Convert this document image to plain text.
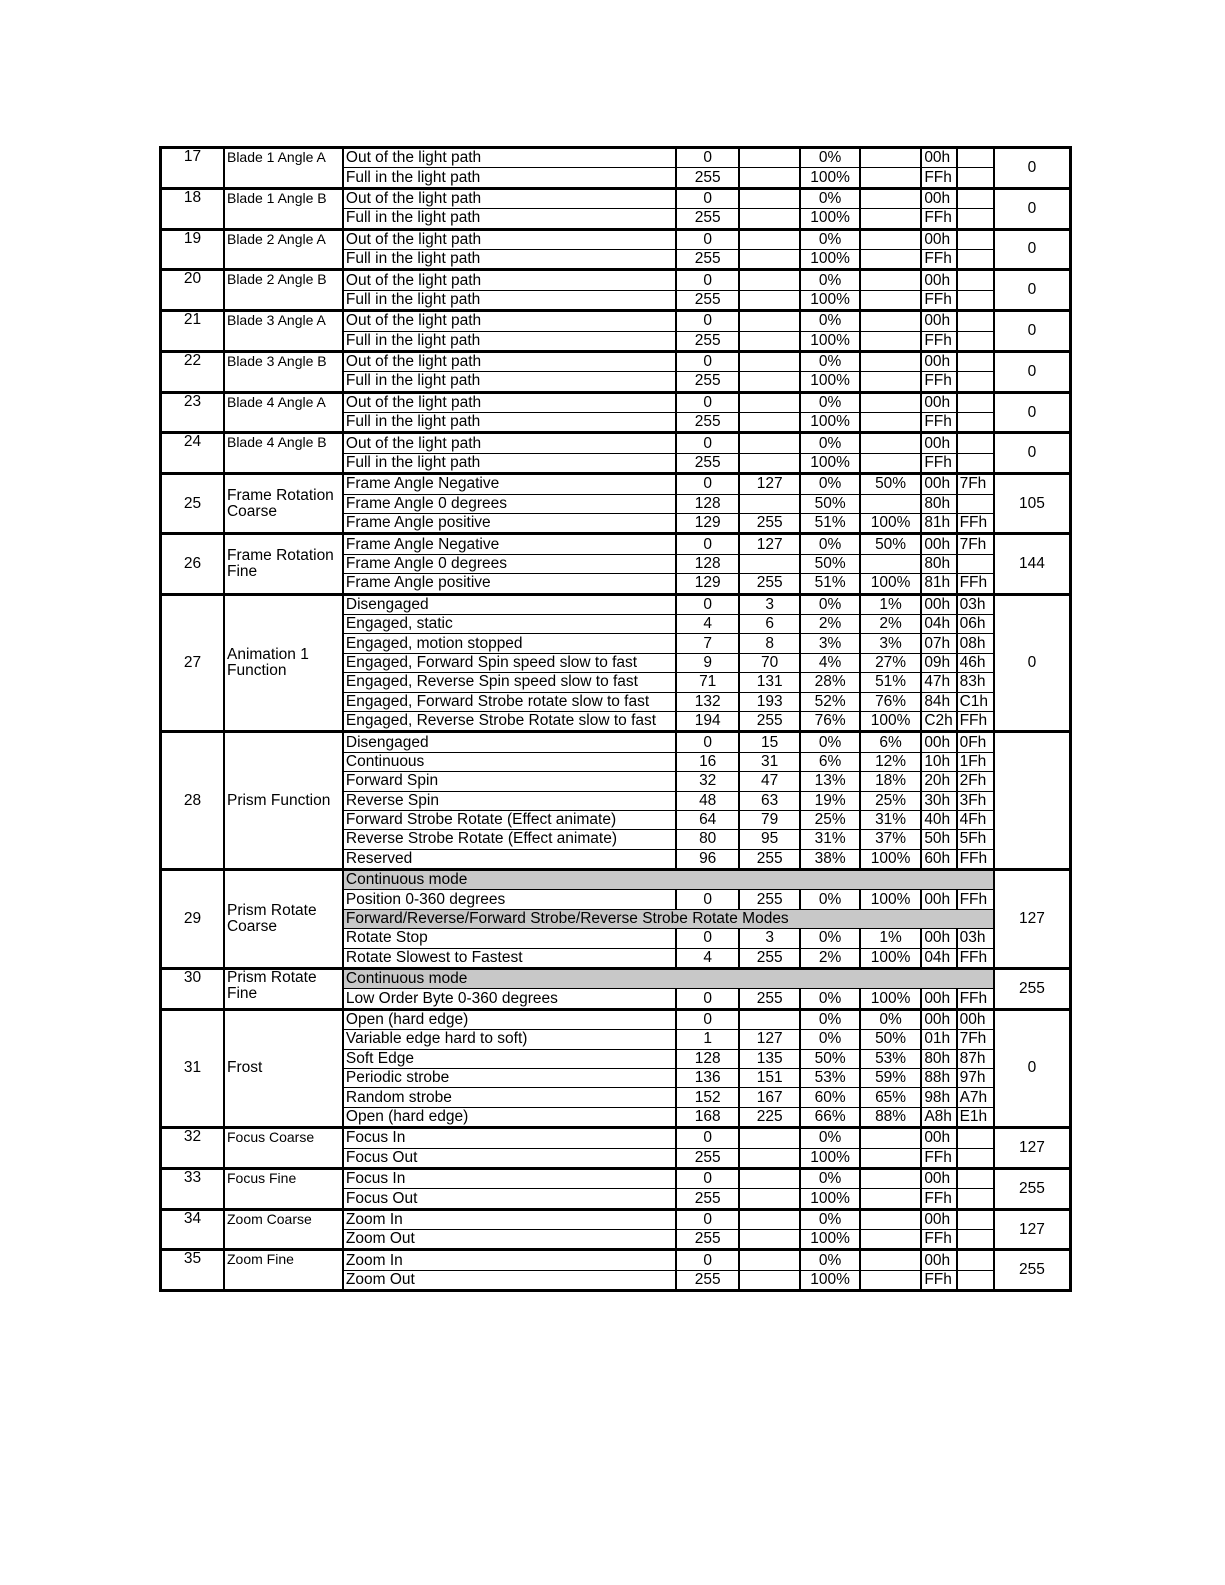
17	Blade 1 Angle A	Out of the light path	0		0%		00h		0
		Full in the light path	255		100%		FFh		
18	Blade 1 Angle B	Out of the light path	0		0%		00h		0
		Full in the light path	255		100%		FFh		
19	Blade 2 Angle A	Out of the light path	0		0%		00h		0
		Full in the light path	255		100%		FFh		
20	Blade 2 Angle B	Out of the light path	0		0%		00h		0
		Full in the light path	255		100%		FFh		
21	Blade 3 Angle A	Out of the light path	0		0%		00h		0
		Full in the light path	255		100%		FFh		
22	Blade 3 Angle B	Out of the light path	0		0%		00h		0
		Full in the light path	255		100%		FFh		
23	Blade 4 Angle A	Out of the light path	0		0%		00h		0
		Full in the light path	255		100%		FFh		
24	Blade 4 Angle B	Out of the light path	0		0%		00h		0
		Full in the light path	255		100%		FFh		
25	Frame Rotation Coarse	Frame Angle Negative	0	127	0%	50%	00h	7Fh	105
		Frame Angle 0 degrees	128		50%		80h		
		Frame Angle positive	129	255	51%	100%	81h	FFh	
26	Frame Rotation Fine	Frame Angle Negative	0	127	0%	50%	00h	7Fh	144
		Frame Angle 0 degrees	128		50%		80h		
		Frame Angle positive	129	255	51%	100%	81h	FFh	
27	Animation 1 Function	Disengaged	0	3	0%	1%	00h	03h	0
		Engaged, static	4	6	2%	2%	04h	06h	
		Engaged, motion stopped	7	8	3%	3%	07h	08h	
		Engaged, Forward Spin speed slow to fast	9	70	4%	27%	09h	46h	
		Engaged, Reverse Spin speed slow to fast	71	131	28%	51%	47h	83h	
		Engaged, Forward Strobe rotate slow to fast	132	193	52%	76%	84h	C1h	
		Engaged, Reverse Strobe Rotate slow to fast	194	255	76%	100%	C2h	FFh	
28	Prism Function	Disengaged	0	15	0%	6%	00h	0Fh	
		Continuous	16	31	6%	12%	10h	1Fh	
		Forward Spin	32	47	13%	18%	20h	2Fh	
		Reverse Spin	48	63	19%	25%	30h	3Fh	
		Forward Strobe Rotate (Effect animate)	64	79	25%	31%	40h	4Fh	
		Reverse Strobe Rotate (Effect animate)	80	95	31%	37%	50h	5Fh	
		Reserved	96	255	38%	100%	60h	FFh	
29	Prism Rotate Coarse	Continuous mode							127
		Position 0-360 degrees	0	255	0%	100%	00h	FFh	
		Forward/Reverse/Forward Strobe/Reverse Strobe Rotate Modes							
		Rotate Stop	0	3	0%	1%	00h	03h	
		Rotate Slowest to Fastest	4	255	2%	100%	04h	FFh	
30	Prism Rotate Fine	Continuous mode							255
		Low Order Byte 0-360 degrees	0	255	0%	100%	00h	FFh	
31	Frost	Open (hard edge)	0		0%	0%	00h	00h	0
		Variable edge hard to soft)	1	127	0%	50%	01h	7Fh	
		Soft Edge	128	135	50%	53%	80h	87h	
		Periodic strobe	136	151	53%	59%	88h	97h	
		Random strobe	152	167	60%	65%	98h	A7h	
		Open (hard edge)	168	225	66%	88%	A8h	E1h	
32	Focus Coarse	Focus In	0		0%		00h		127
		Focus Out	255		100%		FFh		
33	Focus Fine	Focus In	0		0%		00h		255
		Focus Out	255		100%		FFh		
34	Zoom Coarse	Zoom In	0		0%		00h		127
		Zoom Out	255		100%		FFh		
35	Zoom Fine	Zoom In	0		0%		00h		255
		Zoom Out	255		100%		FFh		
